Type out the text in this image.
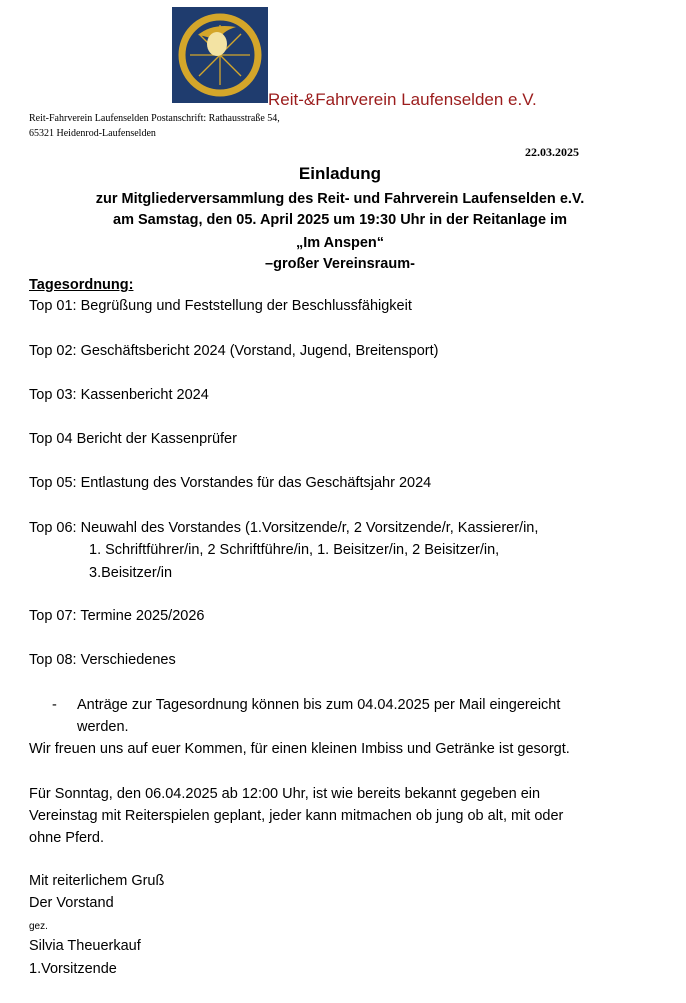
Reit-&Fahrverein Laufenselden e.V.
Reit-Fahrverein Laufenselden Postanschrift: Rathausstraße 54,
65321 Heidenrod-Laufenselden
22.03.2025
Einladung
zur Mitgliederversammlung des Reit- und Fahrverein Laufenselden e.V.
am Samstag, den 05. April 2025 um 19:30 Uhr in der Reitanlage im
„Im Anspen“
–großer Vereinsraum-
Tagesordnung:
Top 01: Begrüßung und Feststellung der Beschlussfähigkeit
Top 02: Geschäftsbericht 2024 (Vorstand, Jugend, Breitensport)
Top 03: Kassenbericht 2024
Top 04 Bericht der Kassenprüfer
Top 05: Entlastung des Vorstandes für das Geschäftsjahr 2024
Top 06: Neuwahl des Vorstandes (1.Vorsitzende/r, 2 Vorsitzende/r, Kassierer/in,
1. Schriftführer/in, 2 Schriftführe/in, 1. Beisitzer/in, 2 Beisitzer/in,
3.Beisitzer/in
Top 07: Termine 2025/2026
Top 08: Verschiedenes
- Anträge zur Tagesordnung können bis zum 04.04.2025 per Mail eingereicht
werden.
Wir freuen uns auf euer Kommen, für einen kleinen Imbiss und Getränke ist gesorgt.
Für Sonntag, den 06.04.2025 ab 12:00 Uhr, ist wie bereits bekannt gegeben ein
Vereinstag mit Reiterspielen geplant, jeder kann mitmachen ob jung ob alt, mit oder
ohne Pferd.
Mit reiterlichem Gruß
Der Vorstand
gez.
Silvia Theuerkauf
1.Vorsitzende
